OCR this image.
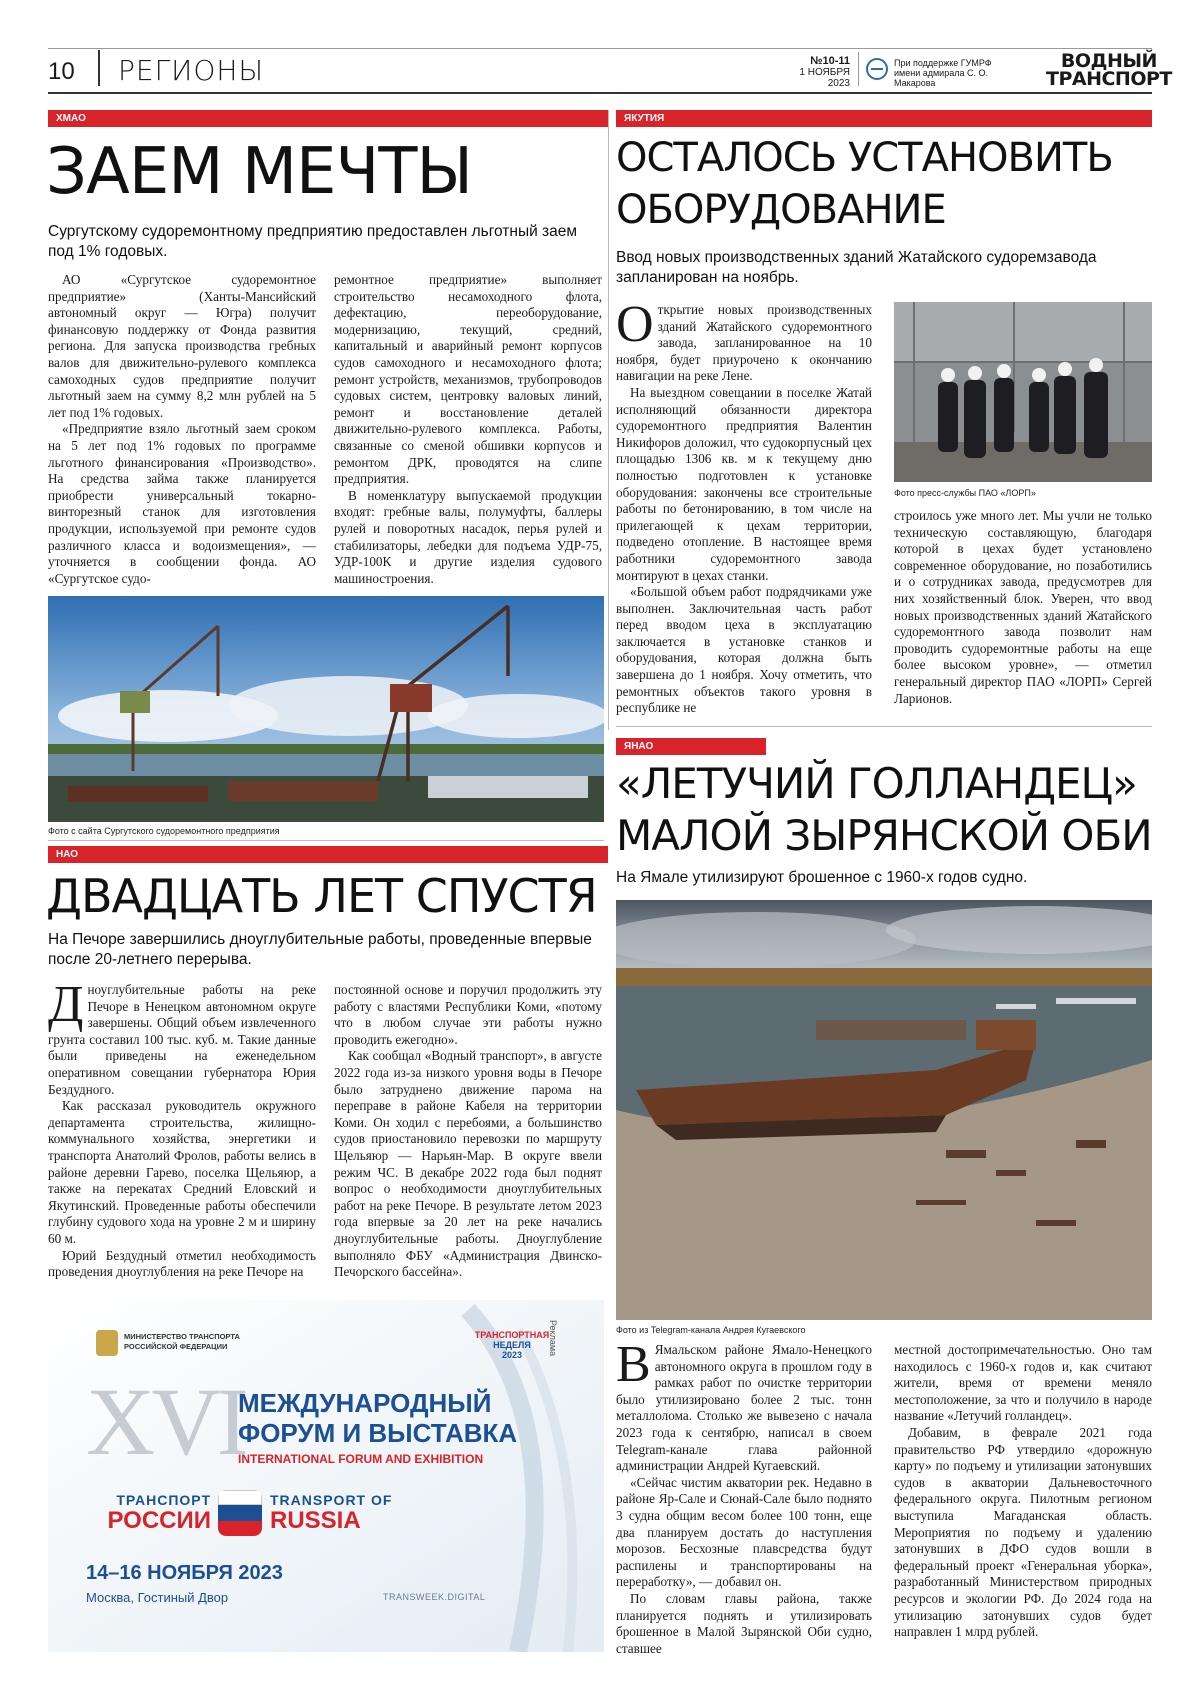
10 РЕГИОНЫ	№10-11
1 НОЯБРЯ 2023
При поддержке ГУМРФ имени адмирала С. О. Макарова
ВОДНЫЙ
ТРАНСПОРТ
ХМАО
ЗАЕМ МЕЧТЫ
Сургутскому судоремонтному предприятию предоставлен льготный заем под 1% годовых.

АО «Сургутское судоремонтное предприятие» (Ханты-Мансийский автономный округ — Югра) получит финансовую поддержку от Фонда развития региона. Для запуска производства гребных валов для движительно-рулевого комплекса самоходных судов предприятие получит льготный заем на сумму 8,2 млн рублей на 5 лет под 1% годовых.

«Предприятие взяло льготный заем сроком на 5 лет под 1% годовых по программе льготного финансирования «Производство». На средства займа также планируется приобрести универсальный токарно-винторезный станок для изготовления продукции, используемой при ремонте судов различного класса и водоизмещения», — уточняется в сообщении фонда. АО «Сургутское судо-

ремонтное предприятие» выполняет строительство несамоходного флота, дефектацию, переоборудование, модернизацию, текущий, средний, капитальный и аварийный ремонт корпусов судов самоходного и несамоходного флота; ремонт устройств, механизмов, трубопроводов судовых систем, центровку валовых линий, ремонт и восстановление деталей движительно-рулевого комплекса. Работы, связанные со сменой обшивки корпусов и ремонтом ДРК, проводятся на слипе предприятия.

В номенклатуру выпускаемой продукции входят: гребные валы, полумуфты, баллеры рулей и поворотных насадок, перья рулей и стабилизаторы, лебедки для подъема УДР-75, УДР-100К и другие изделия судового машиностроения.

Фото с сайта Сургутского судоремонтного предприятия
НАО
ДВАДЦАТЬ ЛЕТ СПУСТЯ
На Печоре завершились дноуглубительные работы, проведенные впервые после 20-летнего перерыва.

Дноуглубительные работы на реке Печоре в Ненецком автономном округе завершены. Общий объем извлеченного грунта составил 100 тыс. куб. м. Такие данные были приведены на еженедельном оперативном совещании губернатора Юрия Бездудного.

Как рассказал руководитель окружного департамента строительства, жилищно-коммунального хозяйства, энергетики и транспорта Анатолий Фролов, работы велись в районе деревни Гарево, поселка Щельяюр, а также на перекатах Средний Еловский и Якутинский. Проведенные работы обеспечили глубину судового хода на уровне 2 м и ширину 60 м.

Юрий Бездудный отметил необходимость проведения дноуглубления на реке Печоре на

постоянной основе и поручил продолжить эту работу с властями Республики Коми, «потому что в любом случае эти работы нужно проводить ежегодно».

Как сообщал «Водный транспорт», в августе 2022 года из-за низкого уровня воды в Печоре было затруднено движение парома на переправе в районе Кабеля на территории Коми. Он ходил с перебоями, а большинство судов приостановило перевозки по маршруту Щельяюр — Нарьян-Мар. В округе ввели режим ЧС. В декабре 2022 года был поднят вопрос о необходимости дноуглубительных работ на реке Печоре. В результате летом 2023 года впервые за 20 лет на реке начались дноуглубительные работы. Дноуглубление выполняло ФБУ «Администрация Двинско-Печорского бассейна».

МИНИСТЕРСТВО ТРАНСПОРТА РОССИЙСКОЙ ФЕДЕРАЦИИ	Реклама
ТРАНСПОРТНАЯ
НЕДЕЛЯ
2023
XVI
МЕЖДУНАРОДНЫЙ
ФОРУМ И ВЫСТАВКА
INTERNATIONAL FORUM AND EXHIBITION
ТРАНСПОРТ
РОССИИ
TRANSPORT OF
RUSSIA
14–16 НОЯБРЯ 2023
Москва, Гостиный Двор	TRANSWEEK.DIGITAL
ЯКУТИЯ
ОСТАЛОСЬ УСТАНОВИТЬ
ОБОРУДОВАНИЕ
Ввод новых производственных зданий Жатайского судоремзавода запланирован на ноябрь.

Открытие новых производственных зданий Жатайского судоремонтного завода, запланированное на 10 ноября, будет приурочено к окончанию навигации на реке Лене.

На выездном совещании в поселке Жатай исполняющий обязанности директора судоремонтного предприятия Валентин Никифоров доложил, что судокорпусный цех площадью 1306 кв. м к текущему дню полностью подготовлен к установке оборудования: закончены все строительные работы по бетонированию, в том числе на прилегающей к цехам территории, подведено отопление. В настоящее время работники судоремонтного завода монтируют в цехах станки.

«Большой объем работ подрядчиками уже выполнен. Заключительная часть работ перед вводом цеха в эксплуатацию заключается в установке станков и оборудования, которая должна быть завершена до 1 ноября. Хочу отметить, что ремонтных объектов такого уровня в республике не

Фото пресс-службы ПАО «ЛОРП»

строилось уже много лет. Мы учли не только техническую составляющую, благодаря которой в цехах будет установлено современное оборудование, но позаботились и о сотрудниках завода, предусмотрев для них хозяйственный блок. Уверен, что ввод новых производственных зданий Жатайского судоремонтного завода позволит нам проводить судоремонтные работы на еще более высоком уровне», — отметил генеральный директор ПАО «ЛОРП» Сергей Ларионов.

ЯНАО
«ЛЕТУЧИЙ ГОЛЛАНДЕЦ»
МАЛОЙ ЗЫРЯНСКОЙ ОБИ
На Ямале утилизируют брошенное с 1960-х годов судно.
Фото из Telegram-канала Андрея Кугаевского

В Ямальском районе Ямало-Ненецкого автономного округа в прошлом году в рамках работ по очистке территории было утилизировано более 2 тыс. тонн металлолома. Столько же вывезено с начала 2023 года к сентябрю, написал в своем Telegram-канале глава районной администрации Андрей Кугаевский.

«Сейчас чистим акватории рек. Недавно в районе Яр-Сале и Сюнай-Сале было поднято 3 судна общим весом более 100 тонн, еще два планируем достать до наступления морозов. Бесхозные плавсредства будут распилены и транспортированы на переработку», — добавил он.

По словам главы района, также планируется поднять и утилизировать брошенное в Малой Зырянской Оби судно, ставшее

местной достопримечательностью. Оно там находилось с 1960-х годов и, как считают жители, время от времени меняло местоположение, за что и получило в народе название «Летучий голландец».

Добавим, в феврале 2021 года правительство РФ утвердило «дорожную карту» по подъему и утилизации затонувших судов в акватории Дальневосточного федерального округа. Пилотным регионом выступила Магаданская область. Мероприятия по подъему и удалению затонувших в ДФО судов вошли в федеральный проект «Генеральная уборка», разработанный Министерством природных ресурсов и экологии РФ. До 2024 года на утилизацию затонувших судов будет направлен 1 млрд рублей.
